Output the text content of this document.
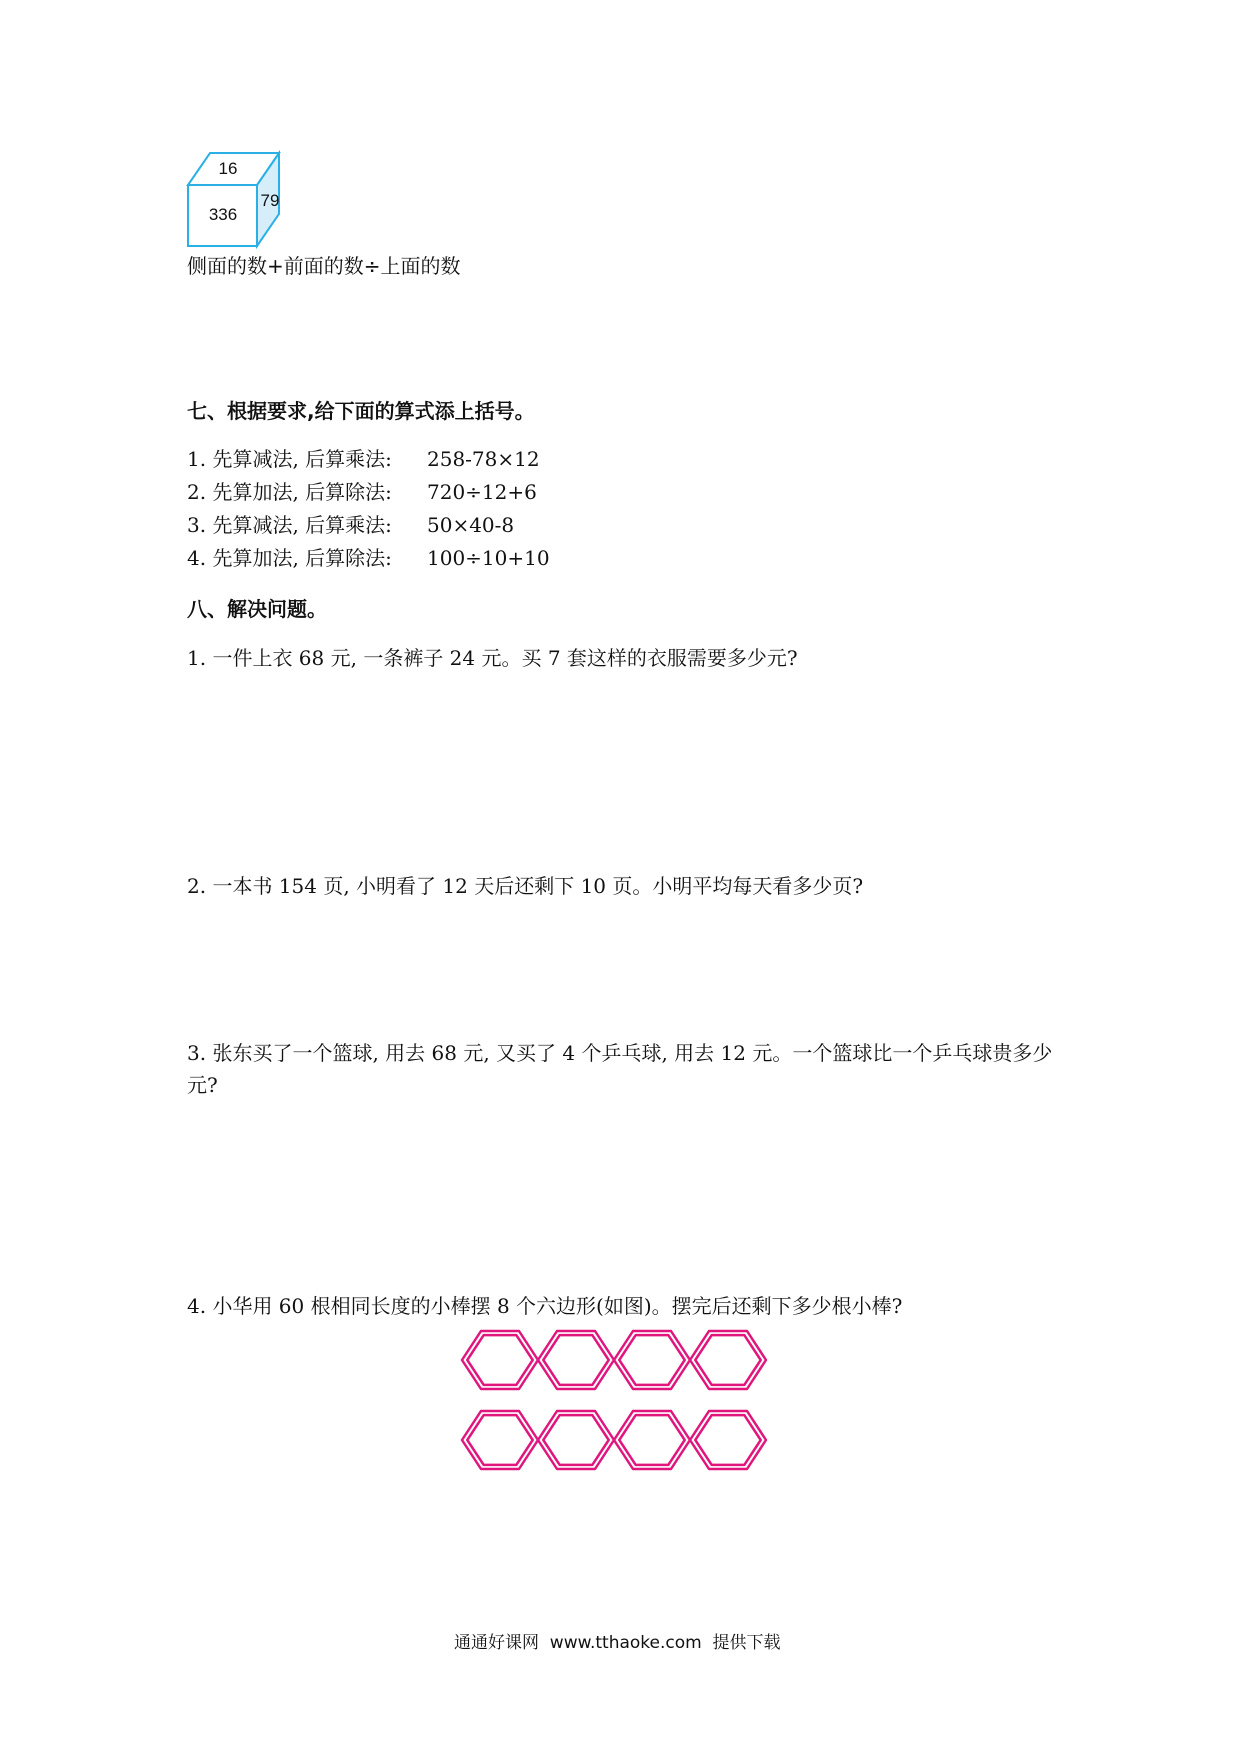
16
336
79
侧面的数+前面的数÷上面的数
七、根据要求,给下面的算式添上括号。
1. 先算减法, 后算乘法: 258-78×12
2. 先算加法, 后算除法: 720÷12+6
3. 先算减法, 后算乘法: 50×40-8
4. 先算加法, 后算除法: 100÷10+10
八、解决问题。
1. 一件上衣 68 元, 一条裤子 24 元。买 7 套这样的衣服需要多少元?
2. 一本书 154 页, 小明看了 12 天后还剩下 10 页。小明平均每天看多少页?
3. 张东买了一个篮球, 用去 68 元, 又买了 4 个乒乓球, 用去 12 元。一个篮球比一个乒乓球贵多少元?
4. 小华用 60 根相同长度的小棒摆 8 个六边形(如图)。摆完后还剩下多少根小棒?
通通好课网  www.tthaoke.com  提供下载
